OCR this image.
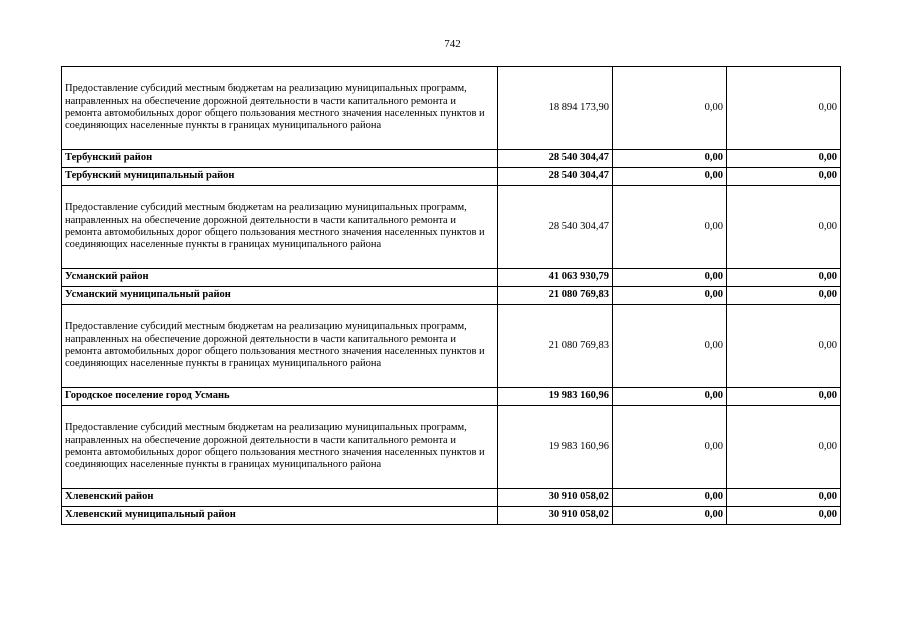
742
Предоставление субсидий местным бюджетам на реализацию муниципальных программ, направленных на обеспечение дорожной деятельности в части капитального ремонта и ремонта автомобильных дорог общего пользования местного значения населенных пунктов и соединяющих населенные пункты в границах муниципального района	18 894 173,90	0,00	0,00
Тербунский район	28 540 304,47	0,00	0,00
Тербунский муниципальный район	28 540 304,47	0,00	0,00
Предоставление субсидий местным бюджетам на реализацию муниципальных программ, направленных на обеспечение дорожной деятельности в части капитального ремонта и ремонта автомобильных дорог общего пользования местного значения населенных пунктов и соединяющих населенные пункты в границах муниципального района	28 540 304,47	0,00	0,00
Усманский район	41 063 930,79	0,00	0,00
Усманский муниципальный район	21 080 769,83	0,00	0,00
Предоставление субсидий местным бюджетам на реализацию муниципальных программ, направленных на обеспечение дорожной деятельности в части капитального ремонта и ремонта автомобильных дорог общего пользования местного значения населенных пунктов и соединяющих населенные пункты в границах муниципального района	21 080 769,83	0,00	0,00
Городское поселение город Усмань	19 983 160,96	0,00	0,00
Предоставление субсидий местным бюджетам на реализацию муниципальных программ, направленных на обеспечение дорожной деятельности в части капитального ремонта и ремонта автомобильных дорог общего пользования местного значения населенных пунктов и соединяющих населенные пункты в границах муниципального района	19 983 160,96	0,00	0,00
Хлевенский район	30 910 058,02	0,00	0,00
Хлевенский муниципальный район	30 910 058,02	0,00	0,00
